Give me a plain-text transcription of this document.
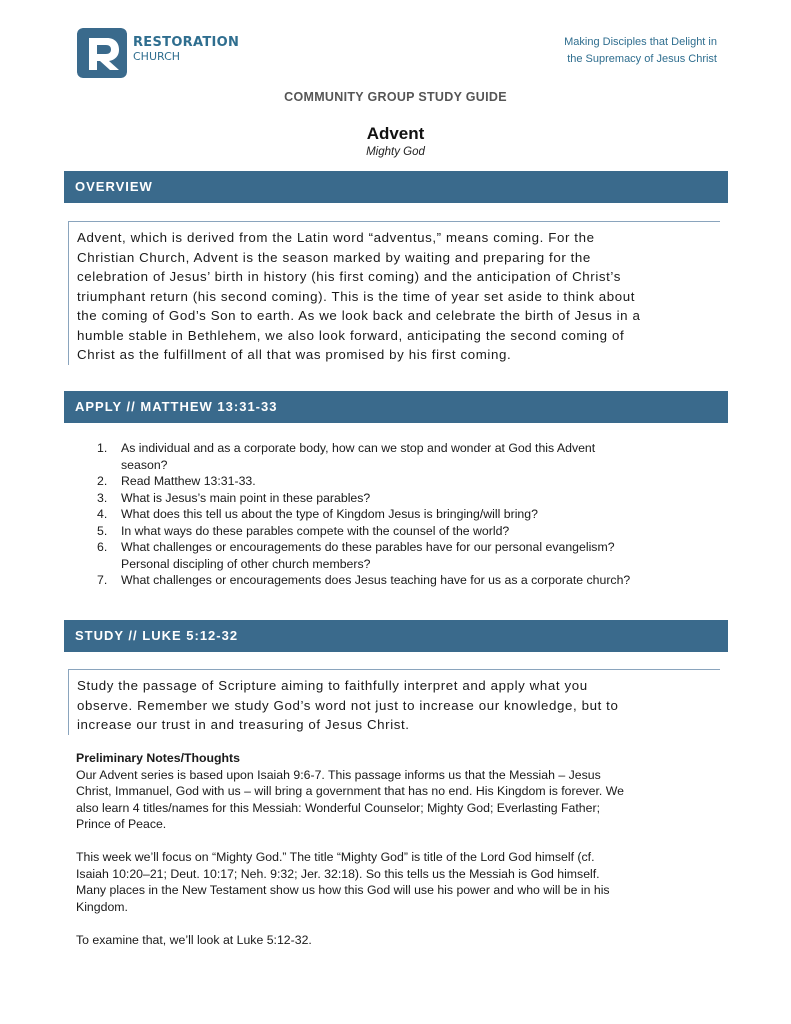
RESTORATION
CHURCH
Making Disciples that Delight in
the Supremacy of Jesus Christ
COMMUNITY GROUP STUDY GUIDE
Advent
Mighty God
OVERVIEW
Advent, which is derived from the Latin word “adventus,” means coming. For the
Christian Church, Advent is the season marked by waiting and preparing for the
celebration of Jesus’ birth in history (his first coming) and the anticipation of Christ’s
triumphant return (his second coming). This is the time of year set aside to think about
the coming of God’s Son to earth. As we look back and celebrate the birth of Jesus in a
humble stable in Bethlehem, we also look forward, anticipating the second coming of
Christ as the fulfillment of all that was promised by his first coming.
APPLY // MATTHEW 13:31-33
1.	As individual and as a corporate body, how can we stop and wonder at God this Advent
season?
2.	Read Matthew 13:31-33.
3.	What is Jesus’s main point in these parables?
4.	What does this tell us about the type of Kingdom Jesus is bringing/will bring?
5.	In what ways do these parables compete with the counsel of the world?
6.	What challenges or encouragements do these parables have for our personal evangelism?
Personal discipling of other church members?
7.	What challenges or encouragements does Jesus teaching have for us as a corporate church?
STUDY // LUKE 5:12-32
Study the passage of Scripture aiming to faithfully interpret and apply what you
observe. Remember we study God’s word not just to increase our knowledge, but to
increase our trust in and treasuring of Jesus Christ.
Preliminary Notes/Thoughts
Our Advent series is based upon Isaiah 9:6-7. This passage informs us that the Messiah – Jesus
Christ, Immanuel, God with us – will bring a government that has no end. His Kingdom is forever. We
also learn 4 titles/names for this Messiah: Wonderful Counselor; Mighty God; Everlasting Father;
Prince of Peace.
This week we’ll focus on “Mighty God.” The title “Mighty God” is title of the Lord God himself (cf.
Isaiah 10:20–21; Deut. 10:17; Neh. 9:32; Jer. 32:18). So this tells us the Messiah is God himself.
Many places in the New Testament show us how this God will use his power and who will be in his
Kingdom.
To examine that, we’ll look at Luke 5:12-32.
